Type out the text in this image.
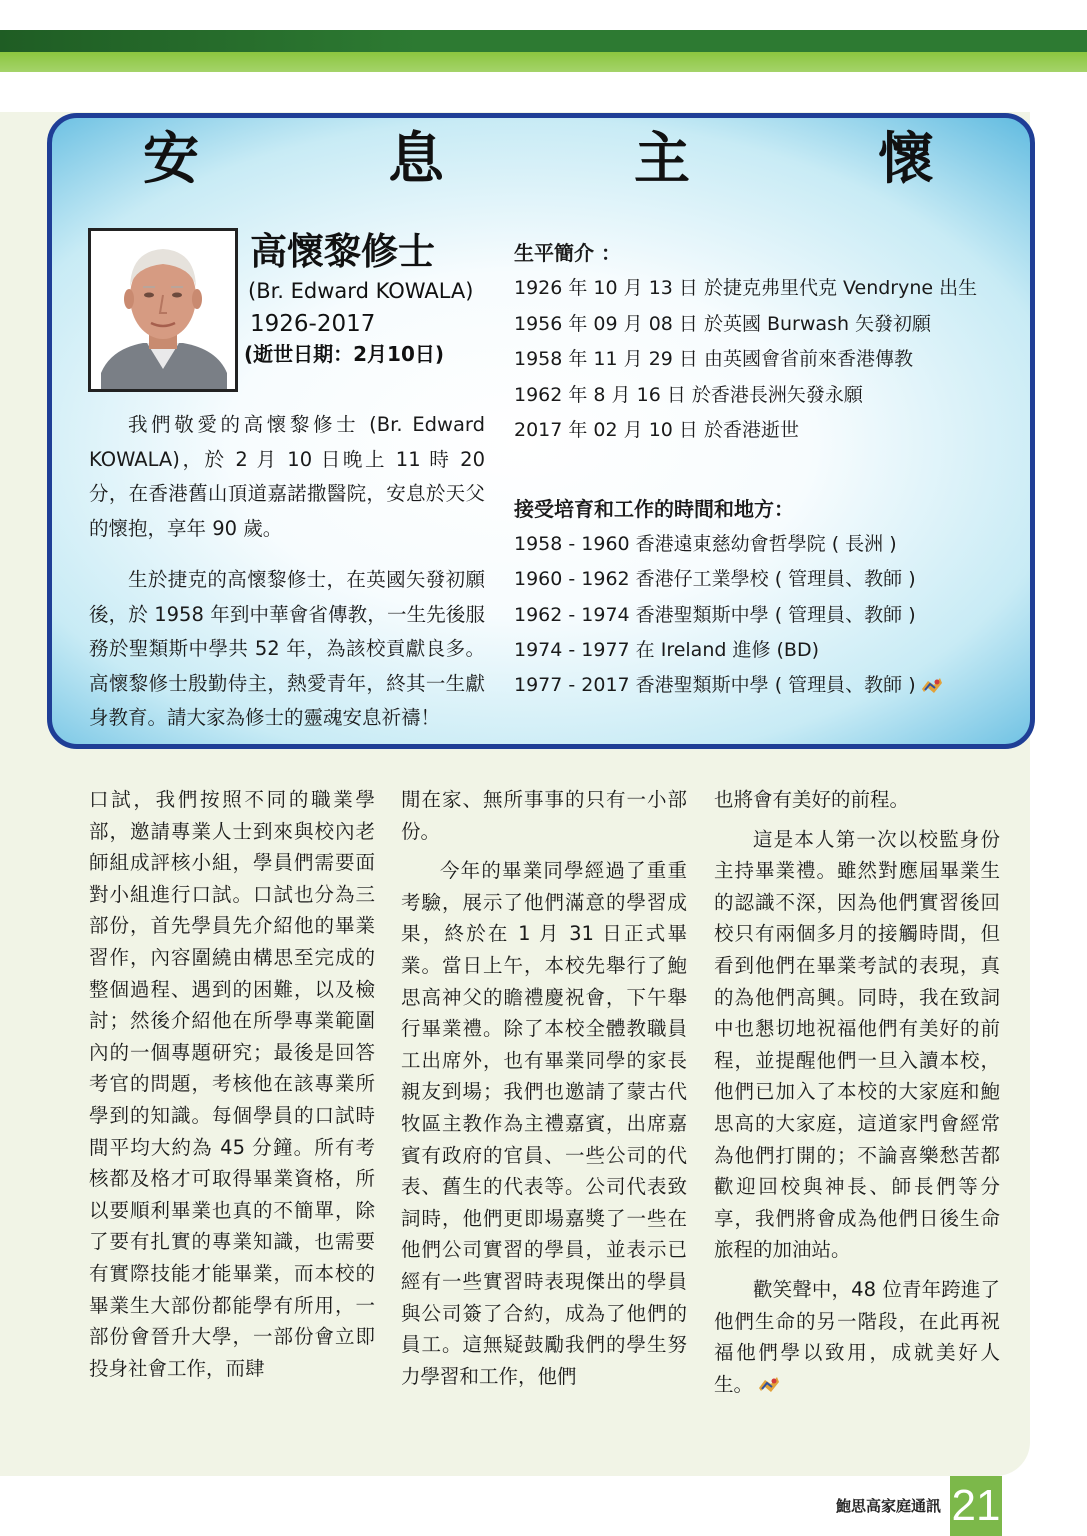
安	息	主	懷
高懷黎修士
(Br. Edward KOWALA)
1926-2017
(逝世日期：2月10日)

我們敬愛的高懷黎修士 (Br. Edward KOWALA)，於 2 月 10 日晚上 11 時 20 分，在香港舊山頂道嘉諾撒醫院，安息於天父的懷抱，享年 90 歲。

生於捷克的高懷黎修士，在英國矢發初願後，於 1958 年到中華會省傳教，一生先後服務於聖類斯中學共 52 年，為該校貢獻良多。高懷黎修士殷勤侍主，熱愛青年，終其一生獻身教育。請大家為修士的靈魂安息祈禱！

生平簡介 ：
1926 年 10 月 13 日 於捷克弗里代克 Vendryne 出生
1956 年 09 月 08 日 於英國 Burwash 矢發初願
1958 年 11 月 29 日 由英國會省前來香港傳教
1962 年 8 月 16 日 於香港長洲矢發永願
2017 年 02 月 10 日 於香港逝世
接受培育和工作的時間和地方：
1958 - 1960 香港遠東慈幼會哲學院 ( 長洲 )
1960 - 1962 香港仔工業學校 ( 管理員、教師 )
1962 - 1974 香港聖類斯中學 ( 管理員、教師 )
1974 - 1977 在 Ireland 進修 (BD)
1977 - 2017 香港聖類斯中學 ( 管理員、教師 )

口試，我們按照不同的職業學部，邀請專業人士到來與校內老師組成評核小組，學員們需要面對小組進行口試。口試也分為三部份，首先學員先介紹他的畢業習作，內容圍繞由構思至完成的整個過程、遇到的困難，以及檢討；然後介紹他在所學專業範圍內的一個專題研究；最後是回答考官的問題，考核他在該專業所學到的知識。每個學員的口試時間平均大約為 45 分鐘。所有考核都及格才可取得畢業資格，所以要順利畢業也真的不簡單，除了要有扎實的專業知識，也需要有實際技能才能畢業，而本校的畢業生大部份都能學有所用，一部份會晉升大學，一部份會立即投身社會工作，而肆

閒在家、無所事事的只有一小部份。

今年的畢業同學經過了重重考驗，展示了他們滿意的學習成果，終於在 1 月 31 日正式畢業。當日上午，本校先舉行了鮑思高神父的瞻禮慶祝會，下午舉行畢業禮。除了本校全體教職員工出席外，也有畢業同學的家長親友到場；我們也邀請了蒙古代牧區主教作為主禮嘉賓，出席嘉賓有政府的官員、一些公司的代表、舊生的代表等。公司代表致詞時，他們更即場嘉獎了一些在他們公司實習的學員，並表示已經有一些實習時表現傑出的學員與公司簽了合約，成為了他們的員工。這無疑鼓勵我們的學生努力學習和工作，他們

也將會有美好的前程。

這是本人第一次以校監身份主持畢業禮。雖然對應屆畢業生的認識不深，因為他們實習後回校只有兩個多月的接觸時間，但看到他們在畢業考試的表現，真的為他們高興。同時，我在致詞中也懇切地祝福他們有美好的前程，並提醒他們一旦入讀本校，他們已加入了本校的大家庭和鮑思高的大家庭，這道家門會經常為他們打開的；不論喜樂愁苦都歡迎回校與神長、師長們等分享，我們將會成為他們日後生命旅程的加油站。

歡笑聲中，48 位青年跨進了他們生命的另一階段，在此再祝福他們學以致用，成就美好人生。

鮑思高家庭通訊 21
